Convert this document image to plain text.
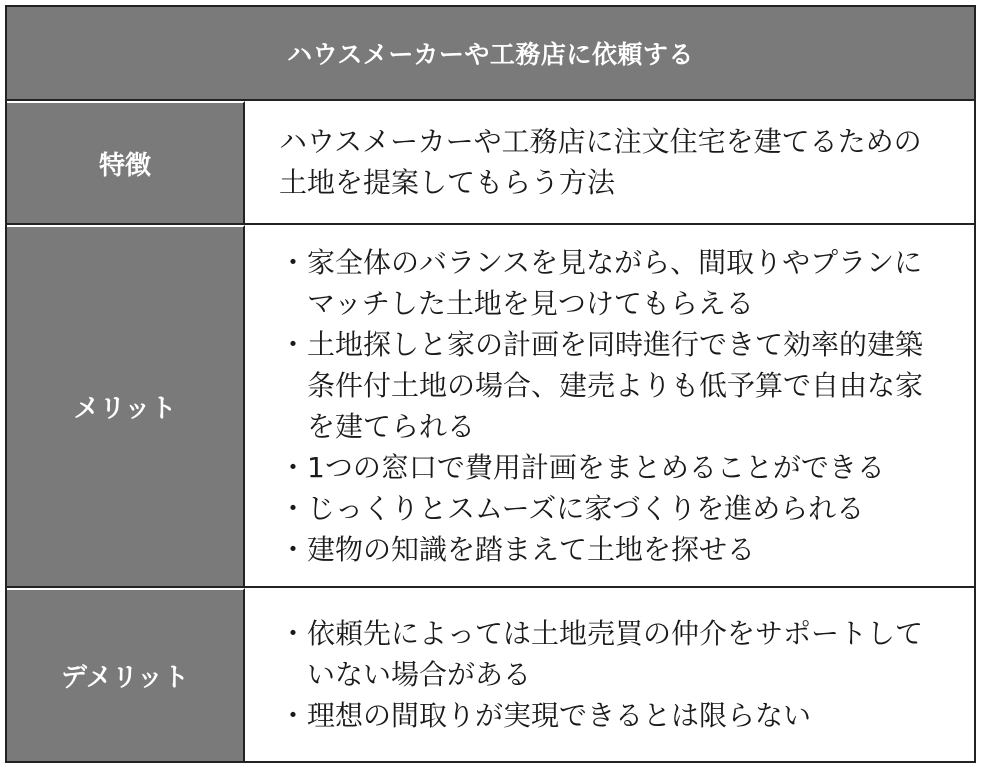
ハウスメーカーや工務店に依頼する
特徴
ハウスメーカーや工務店に注文住宅を建てるための土地を提案してもらう方法
メリット
・ 家全体のバランスを見ながら、間取りやプランにマッチした土地を見つけてもらえる
・ 土地探しと家の計画を同時進行できて効率的建築条件付土地の場合、建売よりも低予算で自由な家を建てられる
・ 1つの窓口で費用計画をまとめることができる
・ じっくりとスムーズに家づくりを進められる
・ 建物の知識を踏まえて土地を探せる
デメリット
・ 依頼先によっては土地売買の仲介をサポートしていない場合がある
・ 理想の間取りが実現できるとは限らない
